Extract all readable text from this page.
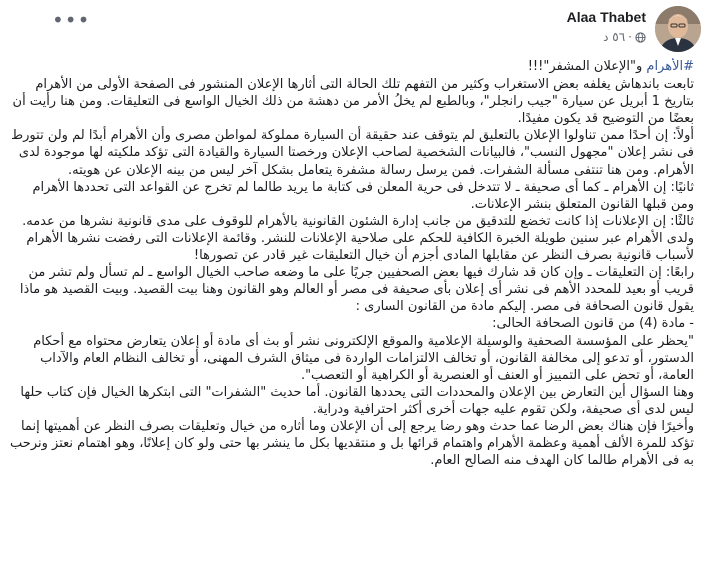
•••	Alaa Thabet
·
٥٦ د
#الأهرام و"الإعلان المشفر"!!!
تابعت باندهاش يغلفه بعض الاستغراب وكثير من التفهم تلك الحالة التى أثارها الإعلان المنشور فى الصفحة الأولى من الأهرام بتاريخ 1 أبريل عن سيارة "جيب رانجلر"، وبالطبع لم يخلُ الأمر من دهشة من ذلك الخيال الواسع فى التعليقات. ومن هنا رأيت أن بعضًا من التوضيح قد يكون مفيدًا.
أولاً: إن أحدًا ممن تناولوا الإعلان بالتعليق لم يتوقف عند حقيقة أن السيارة مملوكة لمواطن مصرى وأن الأهرام أبدًا لم ولن تتورط فى نشر إعلان "مجهول النسب"، فالبيانات الشخصية لصاحب الإعلان ورخصتا السيارة والقيادة التى تؤكد ملكيته لها موجودة لدى الأهرام. ومن هنا تنتفى مسألة الشفرات. فمن يرسل رسالة مشفرة يتعامل بشكل آخر ليس من بينه الإعلان عن هويته.
ثانيًا: إن الأهرام ـ كما أى صحيفة ـ لا تتدخل فى حرية المعلن فى كتابة ما يريد طالما لم تخرج عن القواعد التى تحددها الأهرام ومن قبلها القانون المتعلق بنشر الإعلانات.
ثالثًا: إن الإعلانات إذا كانت تخضع للتدقيق من جانب إدارة الشئون القانونية بالأهرام للوقوف على مدى قانونية نشرها من عدمه. ولدى الأهرام عبر سنين طويلة الخبرة الكافية للحكم على صلاحية الإعلانات للنشر. وقائمة الإعلانات التى رفضت نشرها الأهرام لأسباب قانونية بصرف النظر عن مقابلها المادى أجزم أن خيال التعليقات غير قادر عن تصورها!
رابعًا: إن التعليقات ـ وإن كان قد شارك فيها بعض الصحفيين جريًا على ما وضعه صاحب الخيال الواسع ـ لم تسأل ولم تشر من قريب أو بعيد للمحدد الأهم فى نشر أى إعلان بأى صحيفة فى مصر أو العالم وهو القانون وهنا بيت القصيد. وبيت القصيد هو ماذا يقول قانون الصحافة فى مصر. إليكم مادة من القانون السارى :
- مادة (4) من قانون الصحافة الحالى:
"يحظر على المؤسسة الصحفية والوسيلة الإعلامية والموقع الإلكترونى نشر أو بث أى مادة أو إعلان يتعارض محتواه مع أحكام الدستور، أو تدعو إلى مخالفة القانون، أو تخالف الالتزامات الواردة فى ميثاق الشرف المهنى، أو تخالف النظام العام والآداب العامة، أو تحض على التمييز أو العنف أو العنصرية أو الكراهية أو التعصب".
وهنا السؤال أين التعارض بين الإعلان والمحددات التى يحددها القانون. أما حديث "الشفرات" التى ابتكرها الخيال فإن كتاب حلها ليس لدى أى صحيفة، ولكن تقوم عليه جهات أخرى أكثر احترافية ودراية.
وأخيرًا فإن هناك بعض الرضا عما حدث وهو رضا يرجع إلى أن الإعلان وما أثاره من خيال وتعليقات بصرف النظر عن أهميتها إنما تؤكد للمرة الألف أهمية وعظمة الأهرام واهتمام قرائها بل و منتقديها بكل ما ينشر بها حتى ولو كان إعلانًا، وهو اهتمام نعتز ونرحب به فى الأهرام طالما كان الهدف منه الصالح العام.
